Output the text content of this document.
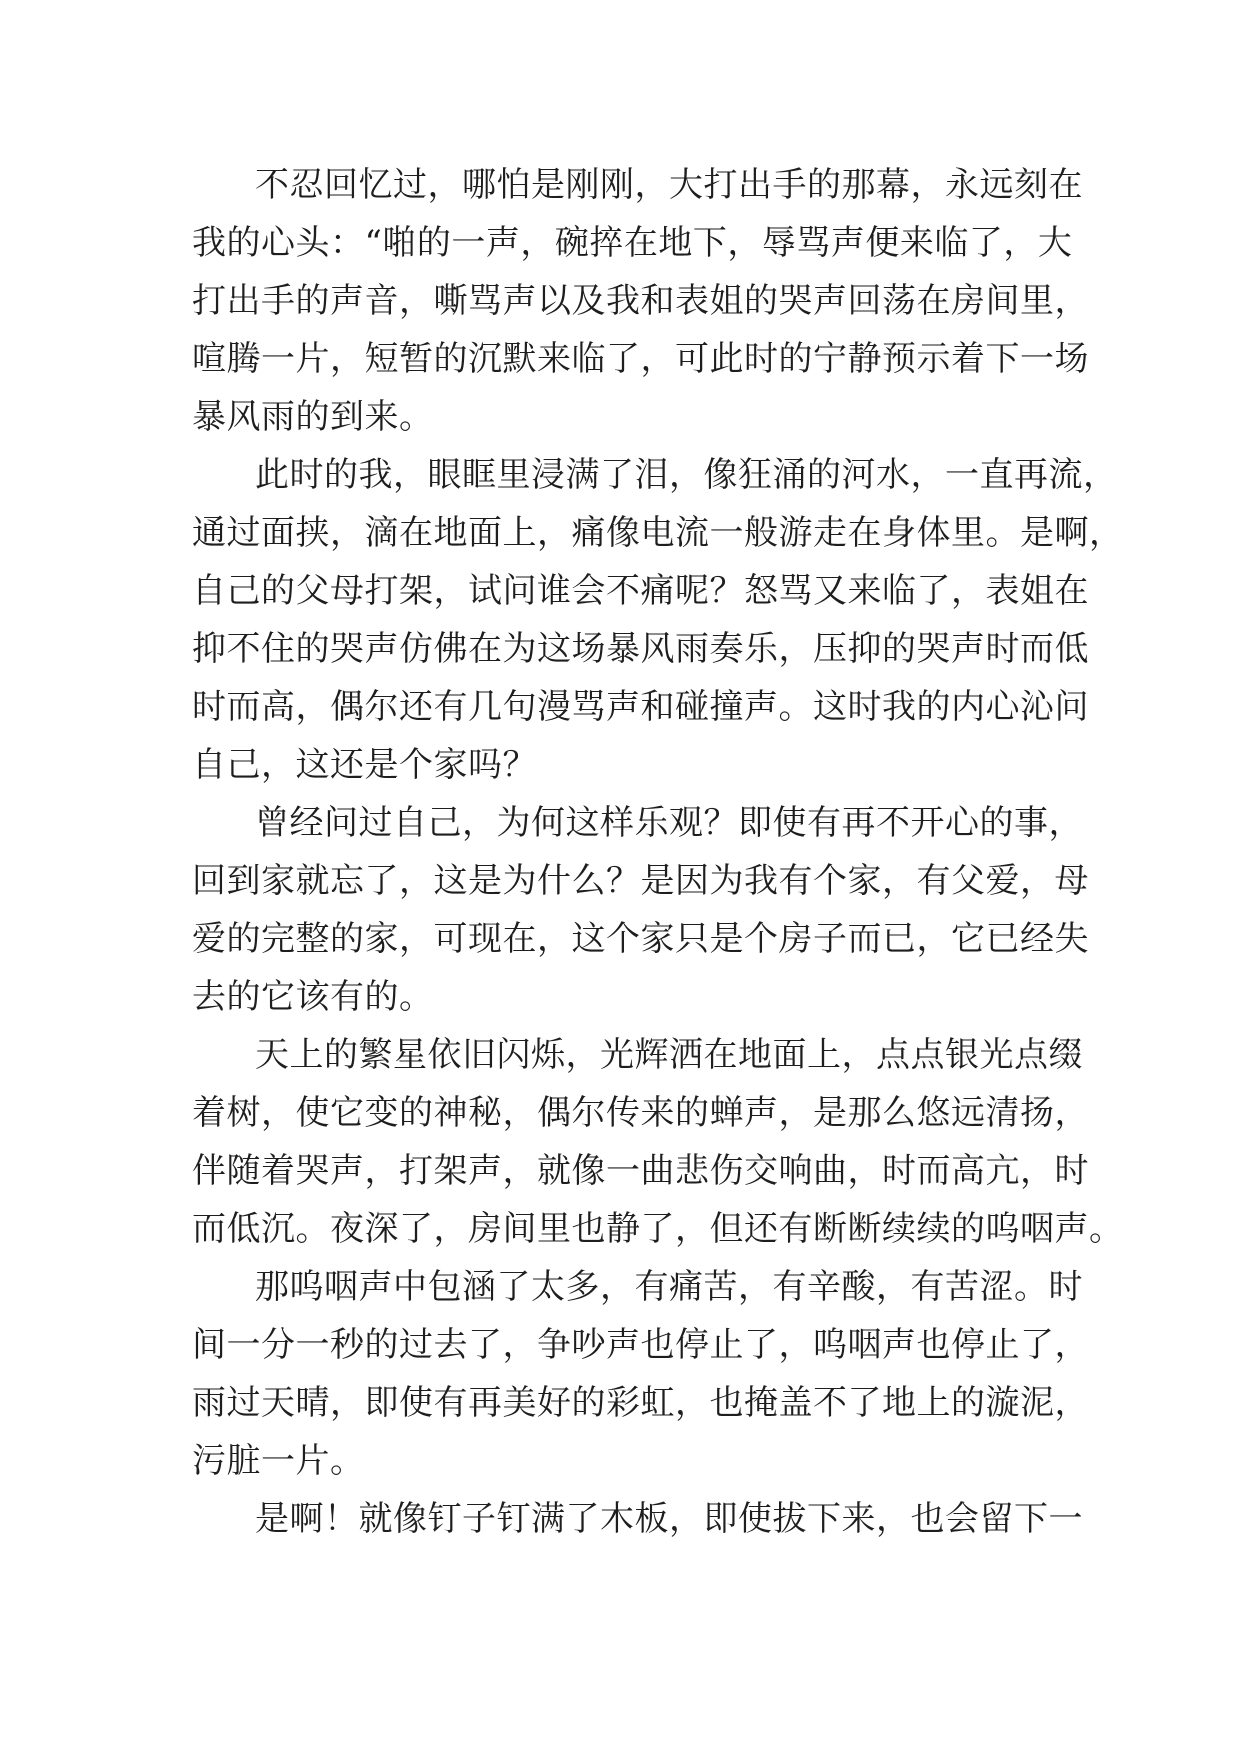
不忍回忆过，哪怕是刚刚，大打出手的那幕，永远刻在
我的心头：“啪的一声，碗捽在地下，辱骂声便来临了，大
打出手的声音，嘶骂声以及我和表姐的哭声回荡在房间里，
喧腾一片，短暂的沉默来临了，可此时的宁静预示着下一场
暴风雨的到来。
此时的我，眼眶里浸满了泪，像狂涌的河水，一直再流，
通过面挟，滴在地面上，痛像电流一般游走在身体里。是啊，
自己的父母打架，试问谁会不痛呢？怒骂又来临了，表姐在
抑不住的哭声仿佛在为这场暴风雨奏乐，压抑的哭声时而低
时而高，偶尔还有几句漫骂声和碰撞声。这时我的内心沁问
自己，这还是个家吗？
曾经问过自己，为何这样乐观？即使有再不开心的事，
回到家就忘了，这是为什么？是因为我有个家，有父爱，母
爱的完整的家，可现在，这个家只是个房子而已，它已经失
去的它该有的。
天上的繁星依旧闪烁，光辉洒在地面上，点点银光点缀
着树，使它变的神秘，偶尔传来的蝉声，是那么悠远清扬，
伴随着哭声，打架声，就像一曲悲伤交响曲，时而高亢，时
而低沉。夜深了，房间里也静了，但还有断断续续的呜咽声。
那呜咽声中包涵了太多，有痛苦，有辛酸，有苦涩。时
间一分一秒的过去了，争吵声也停止了，呜咽声也停止了，
雨过天晴，即使有再美好的彩虹，也掩盖不了地上的漩泥，
污脏一片。
是啊！就像钉子钉满了木板，即使拔下来，也会留下一
